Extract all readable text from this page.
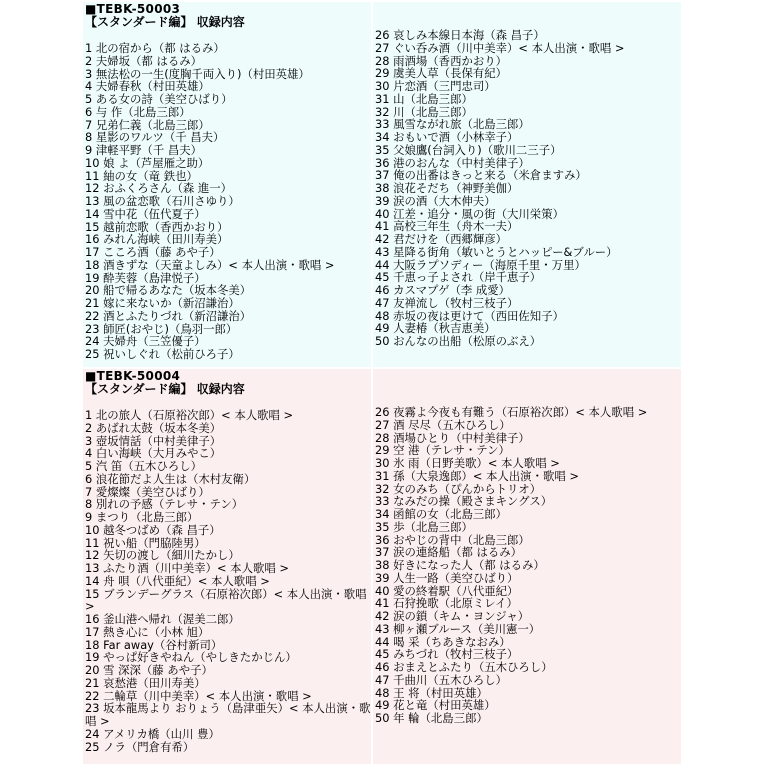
■TEBK-50003
【スタンダード編】 収録内容
1 北の宿から（都 はるみ）
2 夫婦坂（都 はるみ）
3 無法松の一生(度胸千両入り)（村田英雄）
4 夫婦春秋（村田英雄）
5 ある女の詩（美空ひばり）
6 与 作（北島三郎）
7 兄弟仁義（北島三郎）
8 星影のワルツ（千 昌夫）
9 津軽平野（千 昌夫）
10 娘 よ（芦屋雁之助）
11 紬の女（竜 鉄也）
12 おふくろさん（森 進一）
13 風の盆恋歌（石川さゆり）
14 雪中花（伍代夏子）
15 越前恋歌（香西かおり）
16 みれん海峡（田川寿美）
17 こころ酒（藤 あや子）
18 酒きずな（天童よしみ）< 本人出演・歌唱 >
19 酔芙蓉（島津悦子）
20 船で帰るあなた（坂本冬美）
21 嫁に来ないか（新沼謙治）
22 酒とふたりづれ（新沼謙治）
23 師匠(おやじ)（鳥羽一郎）
24 夫婦舟（三笠優子）
25 祝いしぐれ（松前ひろ子）
26 哀しみ本線日本海（森 昌子）
27 ぐい呑み酒（川中美幸）< 本人出演・歌唱 >
28 雨酒場（香西かおり）
29 虞美人草（長保有紀）
30 片恋酒（三門忠司）
31 山（北島三郎）
32 川（北島三郎）
33 風雪ながれ旅（北島三郎）
34 おもいで酒（小林幸子）
35 父娘鷹(台詞入り)（歌川二三子）
36 港のおんな（中村美律子）
37 俺の出番はきっと来る（米倉ますみ）
38 浪花そだち（神野美伽）
39 涙の酒（大木伸夫）
40 江差・追分・風の街（大川栄策）
41 高校三年生（舟木一夫）
42 君だけを（西郷輝彦）
43 星降る街角（敏いとうとハッピー&ブルー）
44 大阪ラプソディー（海原千里・万里）
45 千恵っ子よされ（岸千恵子）
46 カスマプゲ（李 成愛）
47 友禅流し（牧村三枝子）
48 赤坂の夜は更けて（西田佐知子）
49 人妻椿（秋吉恵美）
50 おんなの出船（松原のぶえ）
■TEBK-50004
【スタンダード編】 収録内容
1 北の旅人（石原裕次郎）< 本人歌唱 >
2 あばれ太鼓（坂本冬美）
3 壺坂情話（中村美律子）
4 白い海峡（大月みやこ）
5 汽 笛（五木ひろし）
6 浪花節だよ人生は（木村友衛）
7 愛燦燦（美空ひばり）
8 別れの予感（テレサ・テン）
9 まつり（北島三郎）
10 越冬つばめ（森 昌子）
11 祝い船（門脇陸男）
12 矢切の渡し（細川たかし）
13 ふたり酒（川中美幸）< 本人歌唱 >
14 舟 唄（八代亜紀）< 本人歌唱 >
15 ブランデーグラス（石原裕次郎）< 本人出演・歌唱 >
16 釜山港へ帰れ（渥美二郎）
17 熱き心に（小林 旭）
18 Far away（谷村新司）
19 やっぱ好きやねん（やしきたかじん）
20 雪 深深（藤 あや子）
21 哀愁港（田川寿美）
22 二輪草（川中美幸）< 本人出演・歌唱 >
23 坂本龍馬より おりょう（島津亜矢）< 本人出演・歌唱 >
24 アメリカ橋（山川 豊）
25 ノラ（門倉有希）
26 夜霧よ今夜も有難う（石原裕次郎）< 本人歌唱 >
27 酒 尽尽（五木ひろし）
28 酒場ひとり（中村美律子）
29 空 港（テレサ・テン）
30 氷 雨（日野美歌）< 本人歌唱 >
31 孫（大泉逸郎）< 本人出演・歌唱 >
32 女のみち（ぴんからトリオ）
33 なみだの操（殿さまキングス）
34 函館の女（北島三郎）
35 歩（北島三郎）
36 おやじの背中（北島三郎）
37 涙の連絡船（都 はるみ）
38 好きになった人（都 はるみ）
39 人生一路（美空ひばり）
40 愛の終着駅（八代亜紀）
41 石狩挽歌（北原ミレイ）
42 涙の鎖（キム・ヨンジャ）
43 柳ヶ瀬ブルース（美川憲一）
44 喝 采（ちあきなおみ）
45 みちづれ（牧村三枝子）
46 おまえとふたり（五木ひろし）
47 千曲川（五木ひろし）
48 王 将（村田英雄）
49 花と竜（村田英雄）
50 年 輪（北島三郎）
